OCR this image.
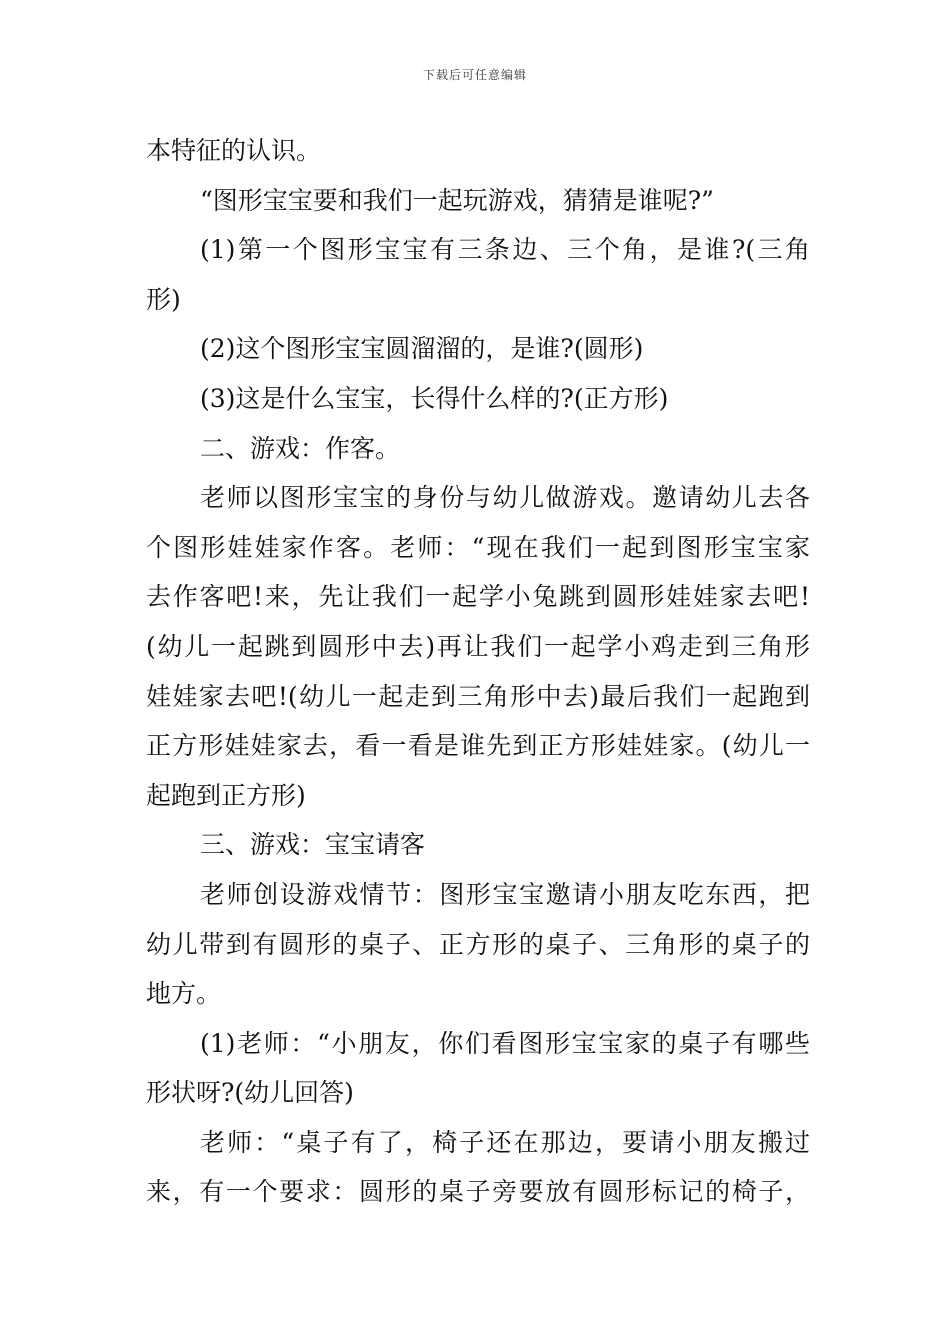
下载后可任意编辑
本特征的认识。
“图形宝宝要和我们一起玩游戏，猜猜是谁呢?”
(1)第一个图形宝宝有三条边、三个角，是谁?(三角
形)
(2)这个图形宝宝圆溜溜的，是谁?(圆形)
(3)这是什么宝宝，长得什么样的?(正方形)
二、游戏：作客。
老师以图形宝宝的身份与幼儿做游戏。邀请幼儿去各
个图形娃娃家作客。老师：“现在我们一起到图形宝宝家
去作客吧!来，先让我们一起学小兔跳到圆形娃娃家去吧!
(幼儿一起跳到圆形中去)再让我们一起学小鸡走到三角形
娃娃家去吧!(幼儿一起走到三角形中去)最后我们一起跑到
正方形娃娃家去，看一看是谁先到正方形娃娃家。(幼儿一
起跑到正方形)
三、游戏：宝宝请客
老师创设游戏情节：图形宝宝邀请小朋友吃东西，把
幼儿带到有圆形的桌子、正方形的桌子、三角形的桌子的
地方。
(1)老师：“小朋友，你们看图形宝宝家的桌子有哪些
形状呀?(幼儿回答)
老师：“桌子有了，椅子还在那边，要请小朋友搬过
来，有一个要求：圆形的桌子旁要放有圆形标记的椅子，
